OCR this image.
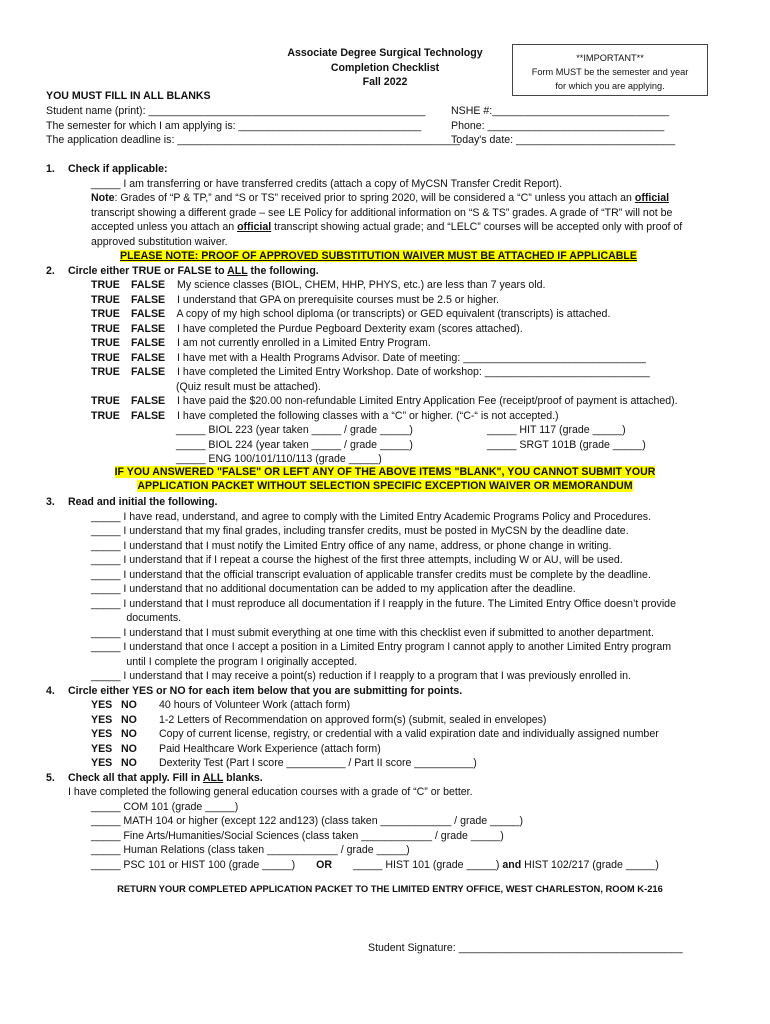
Associate Degree Surgical Technology
Completion Checklist
Fall 2022
**IMPORTANT**
Form MUST be the semester and year
for which you are applying.
YOU MUST FILL IN ALL BLANKS
Student name (print): _______________________________________________
The semester for which I am applying is: _______________________________
The application deadline is: ________________________________________________
NSHE #:______________________________
Phone: ______________________________
Today's date: ___________________________
1. Check if applicable:
_____ I am transferring or have transferred credits (attach a copy of MyCSN Transfer Credit Report).
Note: Grades of “P & TP,” and “S or TS” received prior to spring 2020, will be considered a “C” unless you attach an official
transcript showing a different grade – see LE Policy for additional information on “S & TS” grades. A grade of “TR” will not be
accepted unless you attach an official transcript showing actual grade; and “LELC” courses will be accepted only with proof of
approved substitution waiver.
PLEASE NOTE: PROOF OF APPROVED SUBSTITUTION WAIVER MUST BE ATTACHED IF APPLICABLE
2. Circle either TRUE or FALSE to ALL the following.
TRUE FALSE My science classes (BIOL, CHEM, HHP, PHYS, etc.) are less than 7 years old.
TRUE FALSE I understand that GPA on prerequisite courses must be 2.5 or higher.
TRUE FALSE A copy of my high school diploma (or transcripts) or GED equivalent (transcripts) is attached.
TRUE FALSE I have completed the Purdue Pegboard Dexterity exam (scores attached).
TRUE FALSE I am not currently enrolled in a Limited Entry Program.
TRUE FALSE I have met with a Health Programs Advisor. Date of meeting: _______________________________
TRUE FALSE I have completed the Limited Entry Workshop. Date of workshop: ____________________________
(Quiz result must be attached).
TRUE FALSE I have paid the $20.00 non-refundable Limited Entry Application Fee (receipt/proof of payment is attached).
TRUE FALSE I have completed the following classes with a “C” or higher. (“C-“ is not accepted.)
_____ BIOL 223 (year taken _____ / grade _____)
_____ BIOL 224 (year taken _____ / grade _____)
_____ ENG 100/101/110/113 (grade _____)
_____ HIT 117 (grade _____)
_____ SRGT 101B (grade _____)
IF YOU ANSWERED "FALSE" OR LEFT ANY OF THE ABOVE ITEMS "BLANK", YOU CANNOT SUBMIT YOUR
APPLICATION PACKET WITHOUT SELECTION SPECIFIC EXCEPTION WAIVER OR MEMORANDUM
3. Read and initial the following.
_____ I have read, understand, and agree to comply with the Limited Entry Academic Programs Policy and Procedures.
_____ I understand that my final grades, including transfer credits, must be posted in MyCSN by the deadline date.
_____ I understand that I must notify the Limited Entry office of any name, address, or phone change in writing.
_____ I understand that if I repeat a course the highest of the first three attempts, including W or AU, will be used.
_____ I understand that the official transcript evaluation of applicable transfer credits must be complete by the deadline.
_____ I understand that no additional documentation can be added to my application after the deadline.
_____ I understand that I must reproduce all documentation if I reapply in the future. The Limited Entry Office doesn’t provide
documents.
_____ I understand that I must submit everything at one time with this checklist even if submitted to another department.
_____ I understand that once I accept a position in a Limited Entry program I cannot apply to another Limited Entry program
until I complete the program I originally accepted.
_____ I understand that I may receive a point(s) reduction if I reapply to a program that I was previously enrolled in.
4. Circle either YES or NO for each item below that you are submitting for points.
YES NO 40 hours of Volunteer Work (attach form)
YES NO 1-2 Letters of Recommendation on approved form(s) (submit, sealed in envelopes)
YES NO Copy of current license, registry, or credential with a valid expiration date and individually assigned number
YES NO Paid Healthcare Work Experience (attach form)
YES NO Dexterity Test (Part I score __________ / Part II score __________)
5. Check all that apply. Fill in ALL blanks.
I have completed the following general education courses with a grade of “C” or better.
_____ COM 101 (grade _____)
_____ MATH 104 or higher (except 122 and123) (class taken ____________ / grade _____)
_____ Fine Arts/Humanities/Social Sciences (class taken ____________ / grade _____)
_____ Human Relations (class taken ____________ / grade _____)
_____ PSC 101 or HIST 100 (grade _____) OR _____ HIST 101 (grade _____) and HIST 102/217 (grade _____)
RETURN YOUR COMPLETED APPLICATION PACKET TO THE LIMITED ENTRY OFFICE, WEST CHARLESTON, ROOM K-216
Student Signature: ______________________________________
